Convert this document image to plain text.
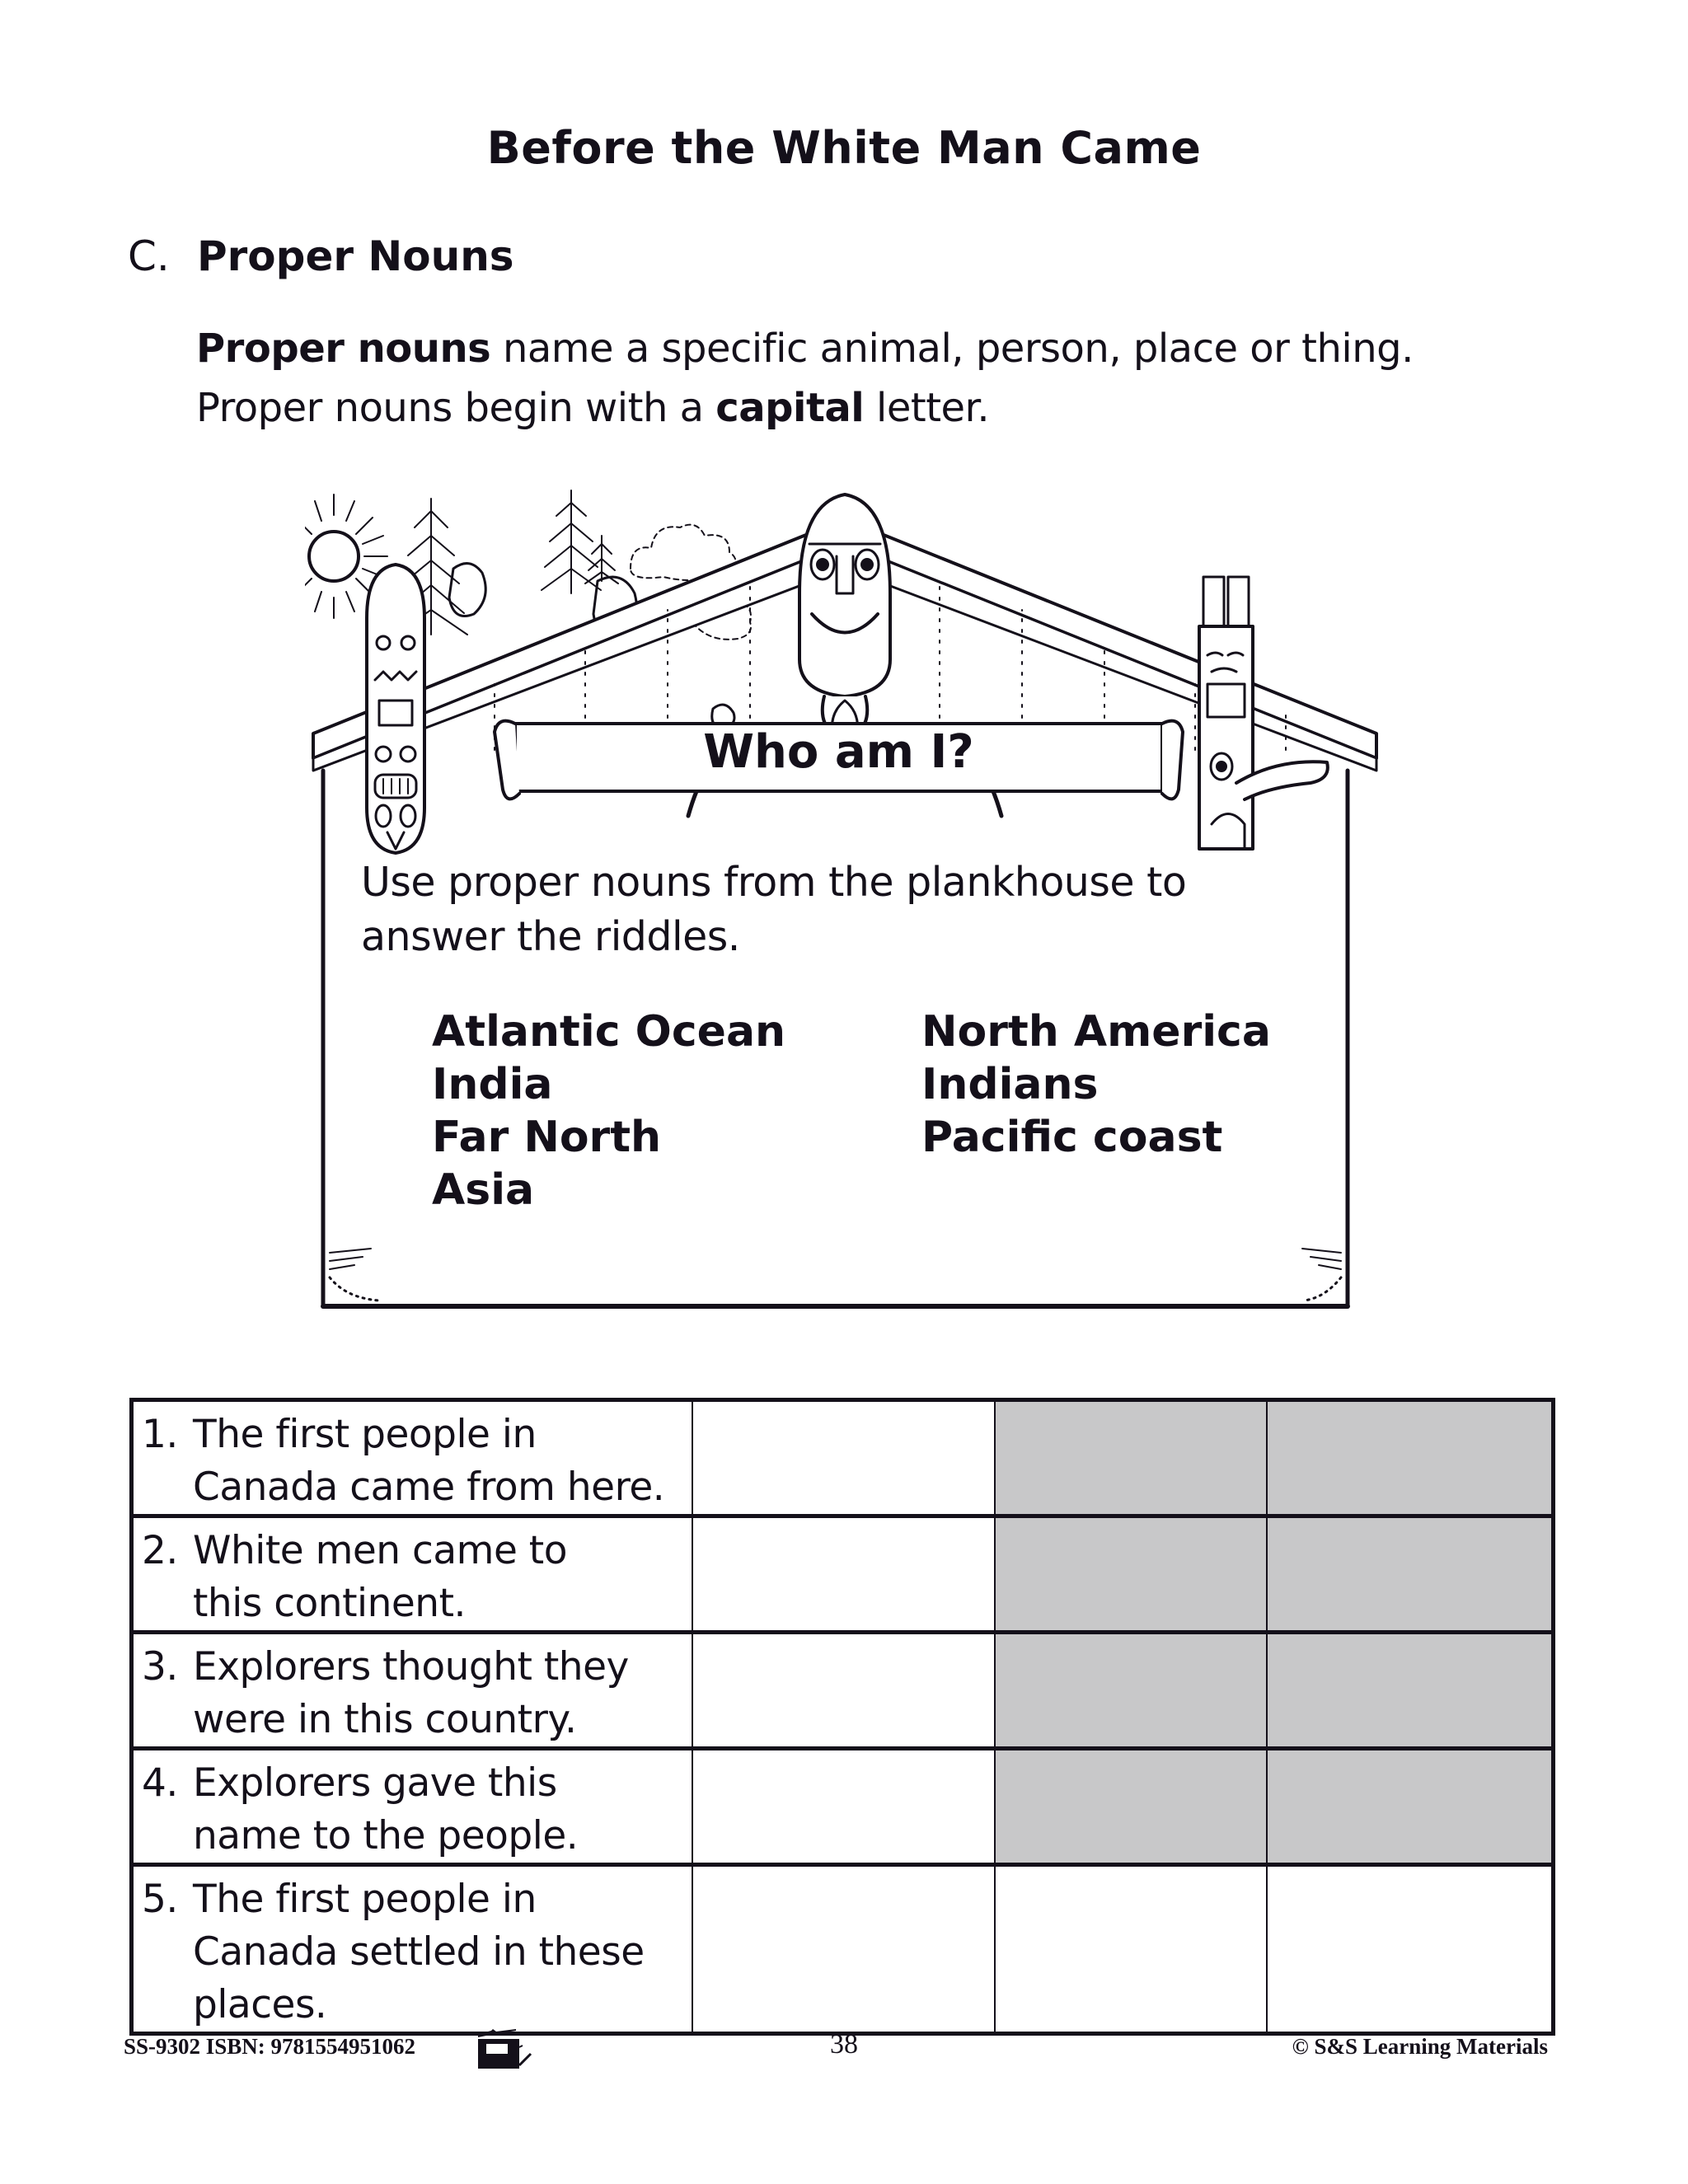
Before the White Man Came
C. Proper Nouns
Proper nouns name a specific animal, person, place or thing.
Proper nouns begin with a capital letter.
Who am I?
Use proper nouns from the plankhouse to
answer the riddles.
Atlantic Ocean
India
Far North
Asia
North America
Indians
Pacific coast
1. The first people in
Canada came from here.			

2. White men came to
this continent.			

3. Explorers thought they
were in this country.			

4. Explorers gave this
name to the people.			

5. The first people in
Canada settled in these
places.			

SS-9302 ISBN: 9781554951062	38	© S&S Learning Materials
